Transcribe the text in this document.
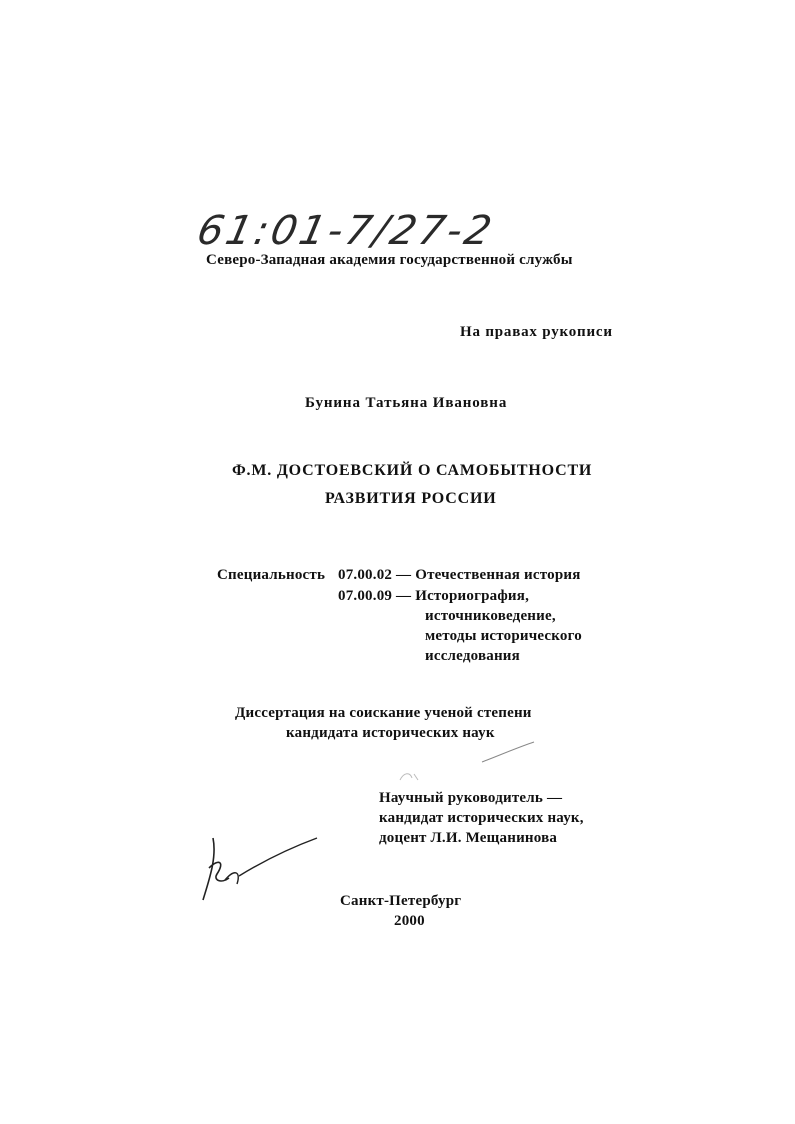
61:01-7/27-2
Северо-Западная академия государственной службы
На правах рукописи
Бунина Татьяна Ивановна
Ф.М. ДОСТОЕВСКИЙ О САМОБЫТНОСТИ
РАЗВИТИЯ РОССИИ
Специальность 07.00.02 — Отечественная история
07.00.09 — Историография,
источниковедение,
методы исторического
исследования
Диссертация на соискание ученой степени
кандидата исторических наук
Научный руководитель —
кандидат исторических наук,
доцент Л.И. Мещанинова
Санкт-Петербург
2000
